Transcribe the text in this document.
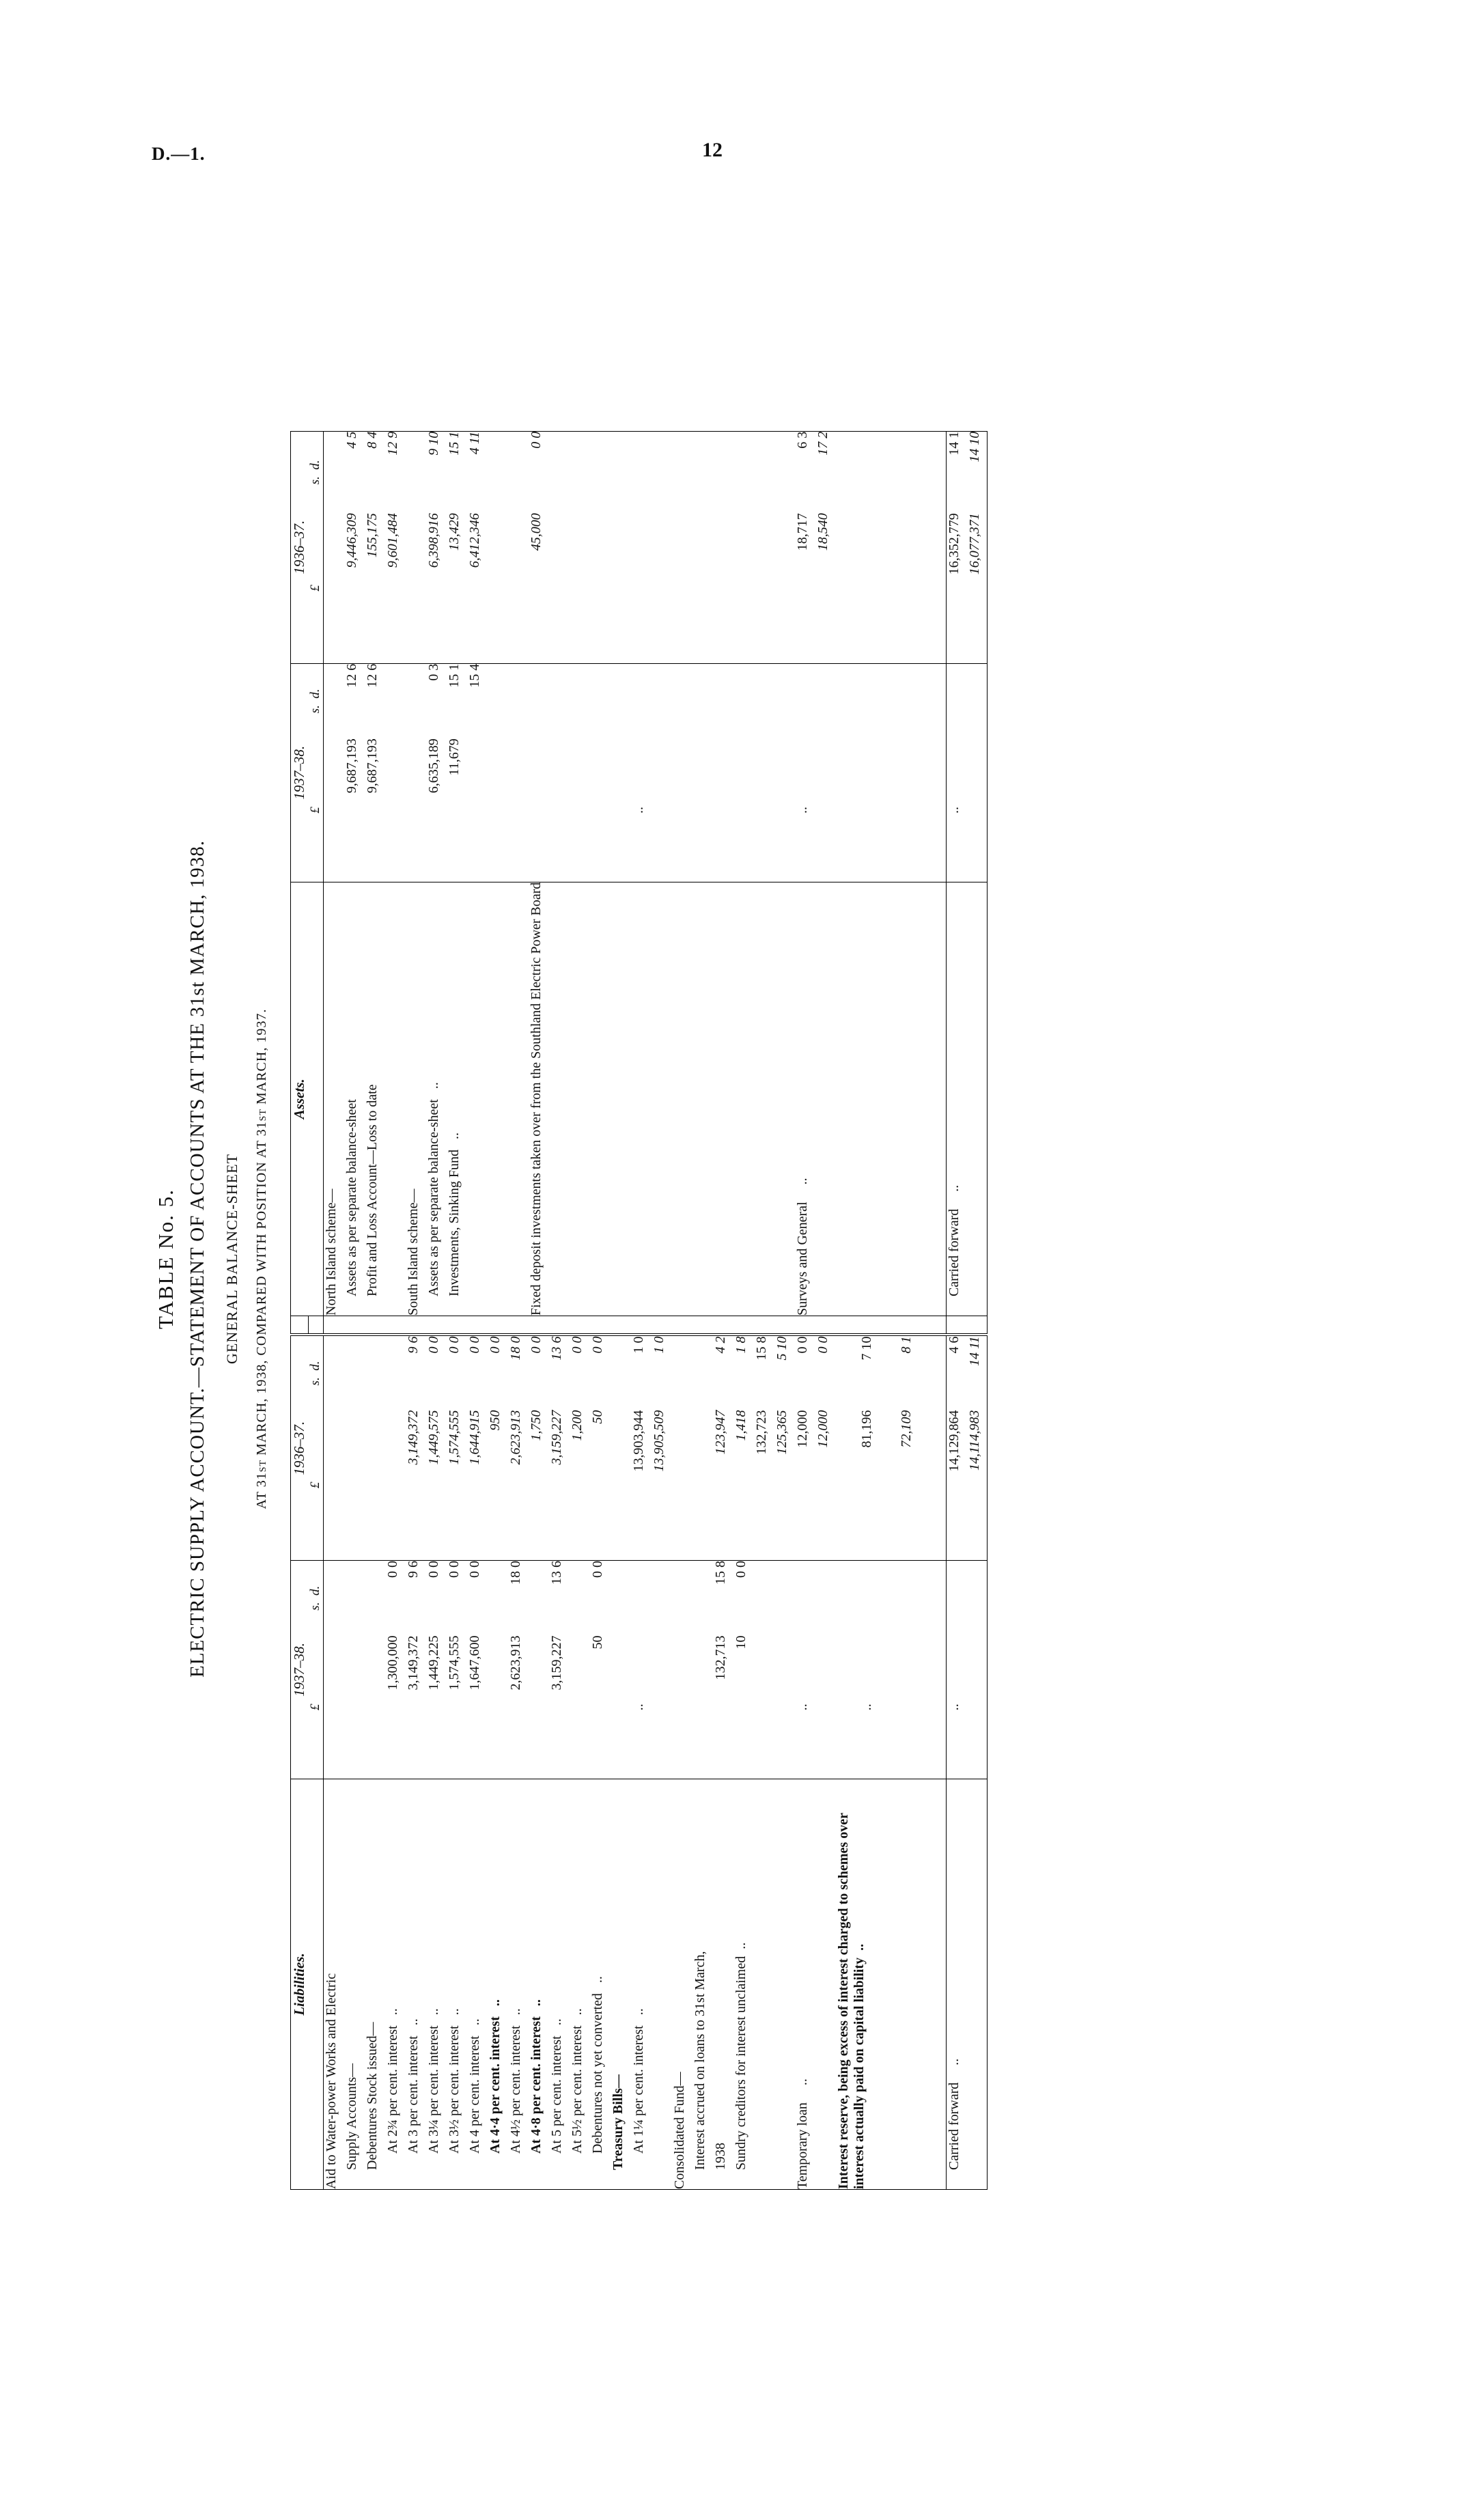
D.—1.	12
TABLE No. 5. ELECTRIC SUPPLY ACCOUNT.—STATEMENT OF ACCOUNTS AT THE 31st MARCH, 1938. GENERAL BALANCE-SHEET AT 31st MARCH, 1938, COMPARED WITH POSITION AT 31st MARCH, 1937.
Liabilities.	1937–38.		1936–37.			Assets.	1937–38.		1936–37.	
	£	s.  d.	£	s.  d.			£	s.  d.	£	s.  d.
Aid to Water-power Works and Electric						North Island scheme—				
Supply Accounts—						Assets as per separate balance-sheet	9,687,193	12 6	9,446,309	4 5
Debentures Stock issued—						Profit and Loss Account—Loss to date	9,687,193	12 6	155,175	8 4
At 2¾ per cent. interest   ..	1,300,000	0 0							9,601,484	12 9
At 3 per cent. interest   ..	3,149,372	9 6	3,149,372	9 6		South Island scheme—				
At 3¼ per cent. interest   ..	1,449,225	0 0	1,449,575	0 0		Assets as per separate balance-sheet   ..	6,635,189	0 3	6,398,916	9 10
At 3½ per cent. interest   ..	1,574,555	0 0	1,574,555	0 0		Investments, Sinking Fund   ..	11,679	15 1	13,429	15 1
At 4 per cent. interest   ..	1,647,600	0 0	1,644,915	0 0				15 4	6,412,346	4 11
At 4·4 per cent. interest   ..			950	0 0						
At 4½ per cent. interest   ..	2,623,913	18 0	2,623,913	18 0						
At 4·8 per cent. interest   ..			1,750	0 0		Fixed deposit investments taken over from the Southland Electric Power Board			45,000	0 0
At 5 per cent. interest   ..	3,159,227	13 6	3,159,227	13 6						
At 5½ per cent. interest   ..			1,200	0 0						
Debentures not yet converted   ..	50	0 0	50	0 0						
Treasury Bills—										
At 1¼ per cent. interest   ..	..		13,903,944	1 0			..			
			13,905,509	1 0						
Consolidated Fund—										
Interest accrued on loans to 31st March,										
1938	132,713	15 8	123,947	4 2						
Sundry creditors for interest unclaimed  ..	10	0 0	1,418	1 8						
			132,723	15 8						
			125,365	5 10						
Temporary loan     ..	..		12,000	0 0		Surveys and General     ..	..		18,717	6 3
			12,000	0 0					18,540	17 2
Interest reserve, being excess of interest charged to schemes over interest actually paid on capital liability  ..	..		81,196	7 10						
			72,109	8 1						

Carried forward     ..	..		14,129,864	4 6		Carried forward     ..	..		16,352,779	14 1
			14,114,983	14 11					16,077,371	14 10
